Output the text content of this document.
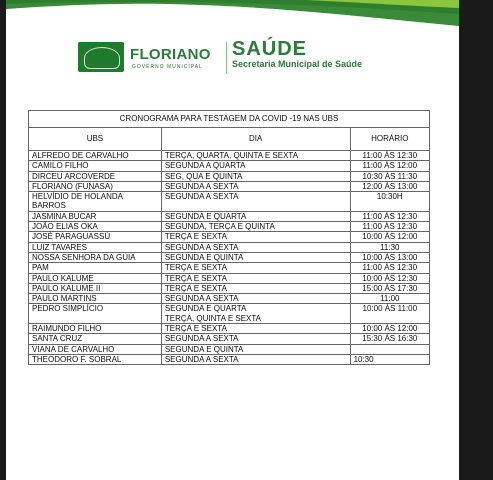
FLORIANO
GOVERNO MUNICIPAL
SAÚDE
Secretaria Municipal de Saúde
CRONOGRAMA PARA TESTAGEM DA COVID -19 NAS UBS		
UBS	DIA	HORÁRIO

ALFREDO DE CARVALHO	TERÇA, QUARTA, QUINTA E SEXTA	11:00 ÀS 12:30

CAMILO FILHO	SEGUNDA A QUARTA	11:00 ÀS 12:00

DIRCEU ARCOVERDE	SEG, QUA E QUINTA	10:30 ÀS 11:30

FLORIANO (FUNASA)	SEGUNDA A SEXTA	12:00 ÀS 13:00

HELVÍDIO DE HOLANDA
BARROS	SEGUNDA A SEXTA	10:30H

JASMINA BUCAR	SEGUNDA E QUARTA	11:00 ÀS 12:30

JOÃO ELIAS OKA	SEGUNDA, TERÇA E QUINTA	11:00 ÀS 12:30

JOSÉ PARAGUASSÚ	TERÇA E SEXTA	10:00 ÀS 12:00

LUIZ TAVARES	SEGUNDA A SEXTA	11:30

NOSSA SENHORA DA GUIA	SEGUNDA E QUINTA	10:00 ÀS 13:00

PAM	TERÇA E SEXTA	11:00 ÀS 12:30

PAULO KALUME	TERÇA E SEXTA	10:00 ÀS 12:30

PAULO KALUME II	TERÇA E SEXTA	15:00 ÀS 17:30

PAULO MARTINS	SEGUNDA A SEXTA	11:00

PEDRO SIMPLÍCIO	SEGUNDA E QUARTA
TERÇA, QUINTA E SEXTA	10:00 ÀS 11:00

RAIMUNDO FILHO	TERÇA E SEXTA	10:00 ÀS 12:00

SANTA CRUZ	SEGUNDA A SEXTA	15:30 ÀS 16:30

VIANA DE CARVALHO	SEGUNDA E QUINTA	

THEODORO F. SOBRAL	SEGUNDA A SEXTA	10:30
